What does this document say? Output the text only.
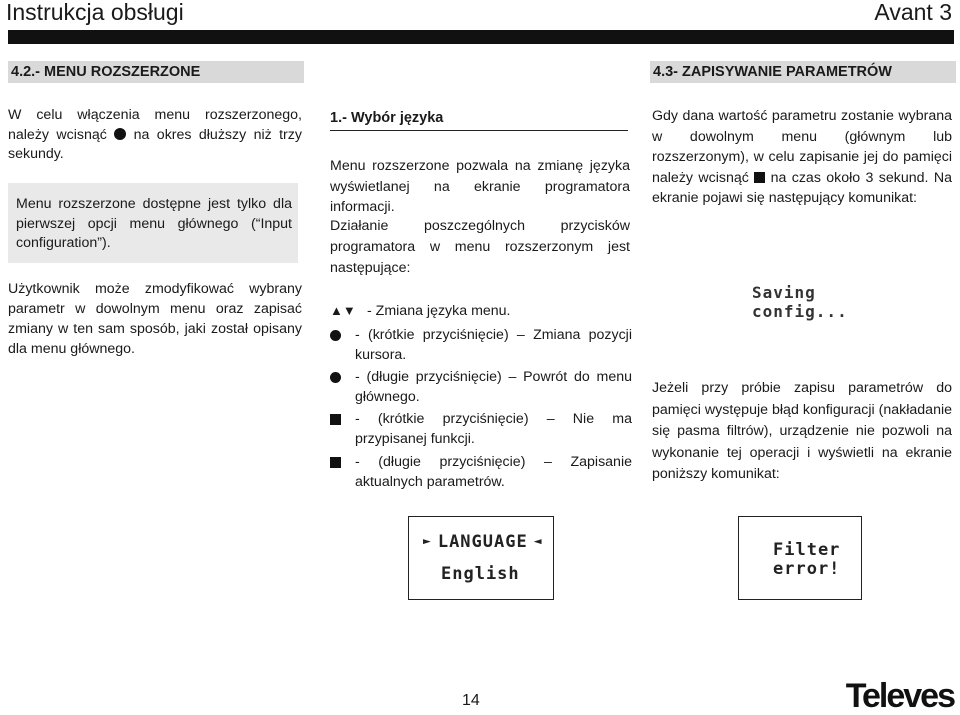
Instrukcja obsługi	Avant 3
4.2.- MENU ROZSZERZONE	4.3- ZAPISYWANIE PARAMETRÓW
W celu włączenia menu rozszerzonego, należy wcisnąć na okres dłuższy niż trzy sekundy.
Menu rozszerzone dostępne jest tylko dla pierwszej opcji menu głównego (“Input configuration”).
Użytkownik może zmodyfikować wybrany parametr w dowolnym menu oraz zapisać zmiany w ten sam sposób, jaki został opisany dla menu głównego.
1.- Wybór języka
Menu rozszerzone pozwala na zmianę języka wyświetlanej na ekranie programatora informacji.
Działanie poszczególnych przycisków programatora w menu rozszerzonym jest następujące:
▲▼ - Zmiana języka menu.
- (krótkie przyciśnięcie) – Zmiana pozycji kursora.
- (długie przyciśnięcie) – Powrót do menu głównego.
- (krótkie przyciśnięcie) – Nie ma przypisanej funkcji.
- (długie przyciśnięcie) – Zapisanie aktualnych parametrów.
Gdy dana wartość parametru zostanie wybrana w dowolnym menu (głównym lub rozszerzonym), w celu zapisanie jej do pamięci należy wcisnąć na czas około 3 sekund. Na ekranie pojawi się następujący komunikat:
Saving
config...
Jeżeli przy próbie zapisu parametrów do pamięci występuje błąd konfiguracji (nakładanie się pasma filtrów), urządzenie nie pozwoli na wykonanie tej operacji i wyświetli na ekranie poniższy komunikat:
► LANGUAGE ◄
English
Filter
error!
14	Televes
